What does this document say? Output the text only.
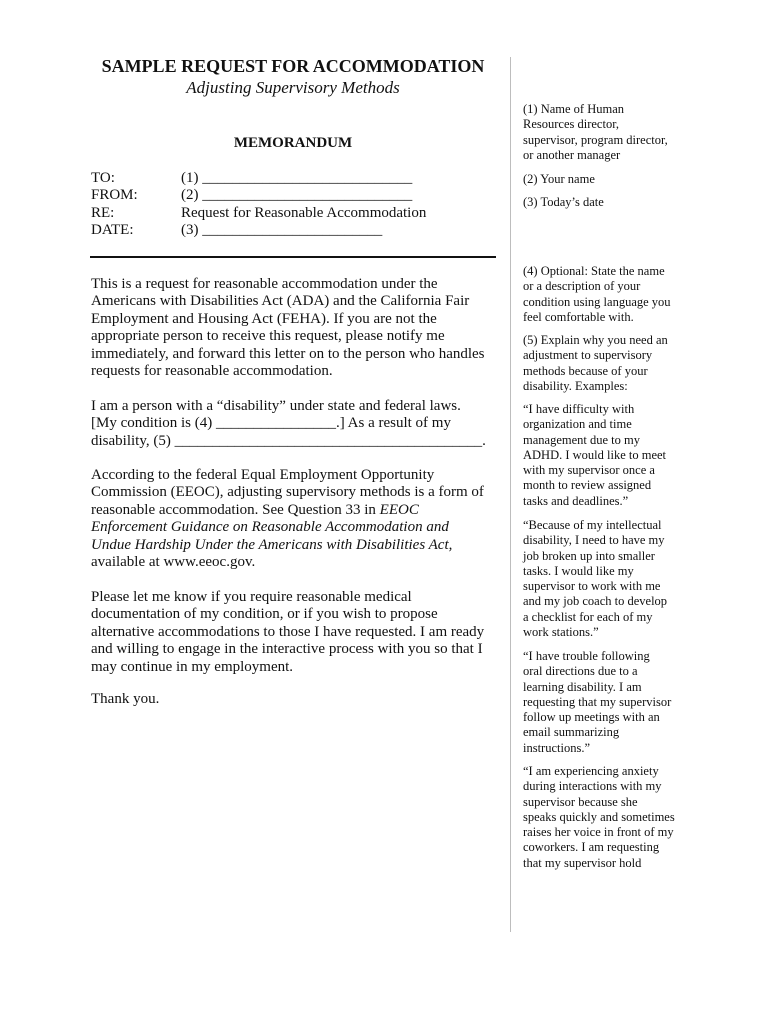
SAMPLE REQUEST FOR ACCOMMODATION
Adjusting Supervisory Methods
MEMORANDUM
TO:	(1) ____________________________
FROM:	(2) ____________________________
RE:	Request for Reasonable Accommodation
DATE:	(3) ________________________

This is a request for reasonable accommodation under the

Americans with Disabilities Act (ADA) and the California Fair

Employment and Housing Act (FEHA). If you are not the

appropriate person to receive this request, please notify me

immediately, and forward this letter on to the person who handles

requests for reasonable accommodation.

I am a person with a “disability” under state and federal laws.

[My condition is (4) ________________.] As a result of my

disability, (5) _________________________________________.

According to the federal Equal Employment Opportunity

Commission (EEOC), adjusting supervisory methods is a form of

reasonable accommodation. See Question 33 in EEOC

Enforcement Guidance on Reasonable Accommodation and

Undue Hardship Under the Americans with Disabilities Act,

available at www.eeoc.gov.

Please let me know if you require reasonable medical

documentation of my condition, or if you wish to propose

alternative accommodations to those I have requested. I am ready

and willing to engage in the interactive process with you so that I

may continue in my employment.

Thank you.

(1) Name of Human

Resources director,

supervisor, program director,

or another manager

(2) Your name
(3) Today’s date

(4) Optional: State the name

or a description of your

condition using language you

feel comfortable with.

(5) Explain why you need an

adjustment to supervisory

methods because of your

disability. Examples:

“I have difficulty with

organization and time

management due to my

ADHD. I would like to meet

with my supervisor once a

month to review assigned

tasks and deadlines.”

“Because of my intellectual

disability, I need to have my

job broken up into smaller

tasks. I would like my

supervisor to work with me

and my job coach to develop

a checklist for each of my

work stations.”

“I have trouble following

oral directions due to a

learning disability. I am

requesting that my supervisor

follow up meetings with an

email summarizing

instructions.”

“I am experiencing anxiety

during interactions with my

supervisor because she

speaks quickly and sometimes

raises her voice in front of my

coworkers. I am requesting

that my supervisor hold
